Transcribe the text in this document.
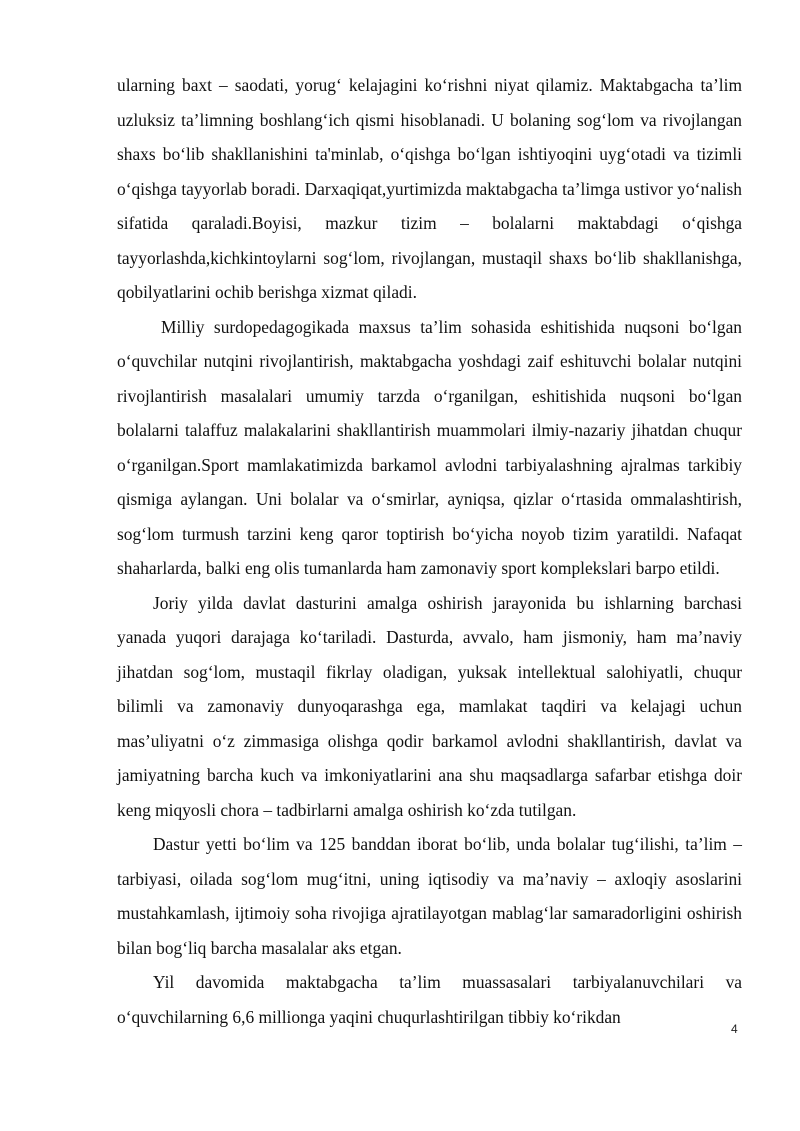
ularning baxt – saodati, yorug‘ kelajagini ko‘rishni niyat qilamiz. Maktabgacha ta’lim uzluksiz ta’limning boshlang‘ich qismi hisoblanadi. U bolaning sog‘lom va rivojlangan shaxs bo‘lib shakllanishini ta'minlab, o‘qishga bo‘lgan ishtiyoqini uyg‘otadi va tizimli o‘qishga tayyorlab boradi. Darxaqiqat,yurtimizda maktabgacha ta’limga ustivor yo‘nalish sifatida qaraladi.Boyisi, mazkur tizim – bolalarni maktabdagi o‘qishga tayyorlashda,kichkintoylarni sog‘lom, rivojlangan, mustaqil shaxs bo‘lib shakllanishga, qobilyatlarini ochib berishga xizmat qiladi.

Milliy surdopedagogikada maxsus ta’lim sohasida eshitishida nuqsoni bo‘lgan o‘quvchilar nutqini rivojlantirish, maktabgacha yoshdagi zaif eshituvchi bolalar nutqini rivojlantirish masalalari umumiy tarzda o‘rganilgan, eshitishida nuqsoni bo‘lgan bolalarni talaffuz malakalarini shakllantirish muammolari ilmiy-nazariy jihatdan chuqur o‘rganilgan.Sport mamlakatimizda barkamol avlodni tarbiyalashning ajralmas tarkibiy qismiga aylangan. Uni bolalar va o‘smirlar, ayniqsa, qizlar o‘rtasida ommalashtirish, sog‘lom turmush tarzini keng qaror toptirish bo‘yicha noyob tizim yaratildi. Nafaqat shaharlarda, balki eng olis tumanlarda ham zamonaviy sport komplekslari barpo etildi.

Joriy yilda davlat dasturini amalga oshirish jarayonida bu ishlarning barchasi yanada yuqori darajaga ko‘tariladi. Dasturda, avvalo, ham jismoniy, ham ma’naviy jihatdan sog‘lom, mustaqil fikrlay oladigan, yuksak intellektual salohiyatli, chuqur bilimli va zamonaviy dunyoqarashga ega, mamlakat taqdiri va kelajagi uchun mas’uliyatni o‘z zimmasiga olishga qodir barkamol avlodni shakllantirish, davlat va jamiyatning barcha kuch va imkoniyatlarini ana shu maqsadlarga safarbar etishga doir keng miqyosli chora – tadbirlarni amalga oshirish ko‘zda tutilgan.

Dastur yetti bo‘lim va 125 banddan iborat bo‘lib, unda bolalar tug‘ilishi, ta’lim – tarbiyasi, oilada sog‘lom mug‘itni, uning iqtisodiy va ma’naviy – axloqiy asoslarini mustahkamlash, ijtimoiy soha rivojiga ajratilayotgan mablag‘lar samaradorligini oshirish bilan bog‘liq barcha masalalar aks etgan.

Yil davomida maktabgacha ta’lim muassasalari tarbiyalanuvchilari va o‘quvchilarning 6,6 millionga yaqini chuqurlashtirilgan tibbiy ko‘rikdan

4
